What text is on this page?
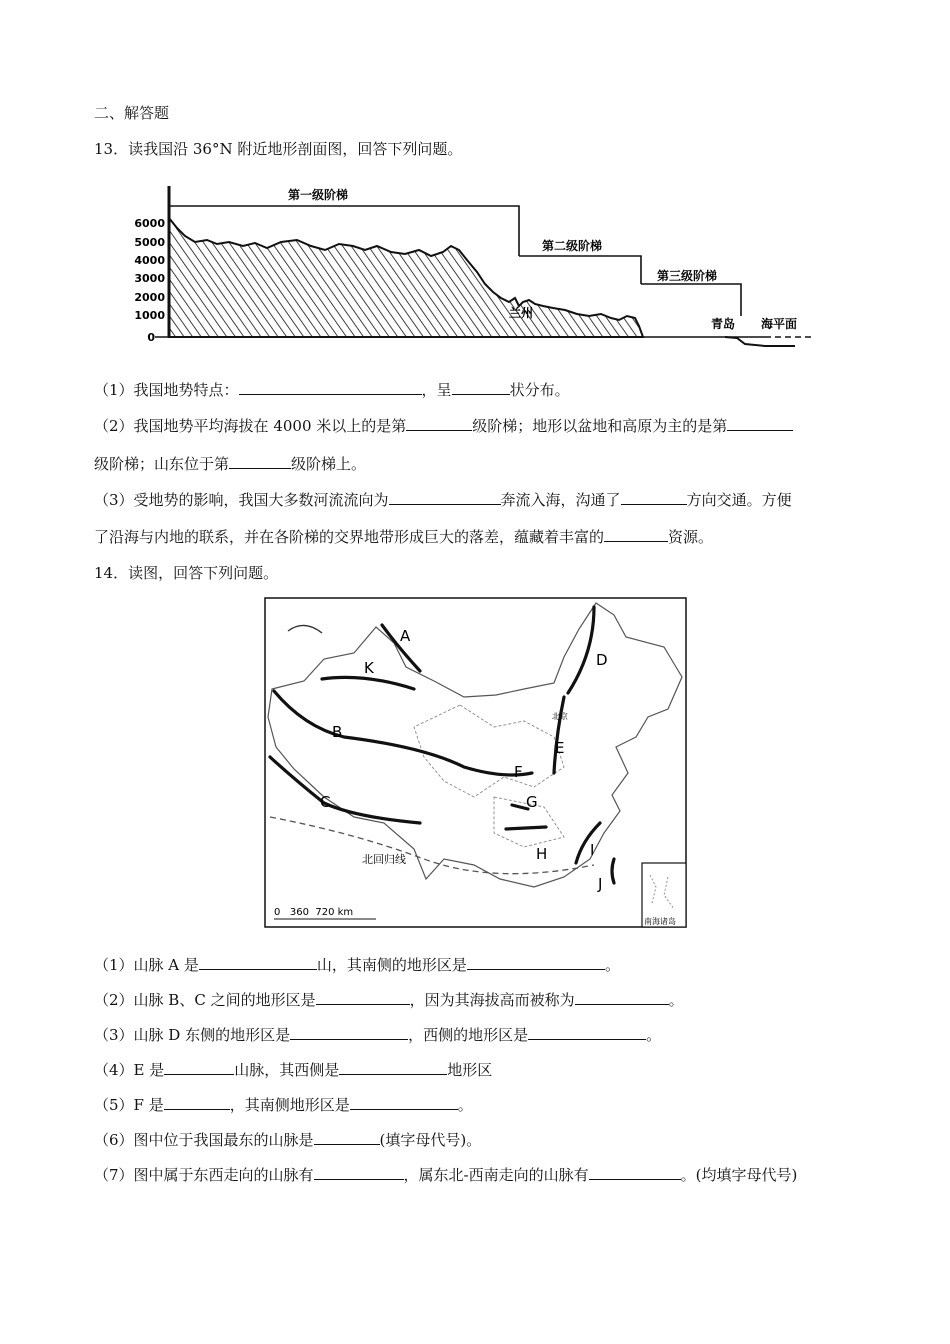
二、解答题
13．读我国沿 36°N 附近地形剖面图，回答下列问题。
6000
5000
4000
3000
2000
1000
0
第一级阶梯
第二级阶梯
第三级阶梯
兰州
青岛 海平面
（1）我国地势特点：	，呈	状分布。
（2）我国地势平均海拔在 4000 米以上的是第	级阶梯；地形以盆地和高原为主的是第
级阶梯；山东位于第	级阶梯上。
（3）受地势的影响，我国大多数河流流向为	奔流入海，沟通了	方向交通。方便
了沿海与内地的联系，并在各阶梯的交界地带形成巨大的落差，蕴藏着丰富的	资源。
14．读图，回答下列问题。
A
K
B
C
D
E
F
G
H	I
J
北回归线
北京
0   360  720 km
南海诸岛
（1）山脉 A 是	山，其南侧的地形区是	。
（2）山脉 B、C 之间的地形区是	，因为其海拔高而被称为	。
（3）山脉 D 东侧的地形区是	，西侧的地形区是	。
（4）E 是	山脉，其西侧是	地形区
（5）F 是	，其南侧地形区是	。
（6）图中位于我国最东的山脉是	(填字母代号)。
（7）图中属于东西走向的山脉有	，属东北-西南走向的山脉有	。(均填字母代号)
